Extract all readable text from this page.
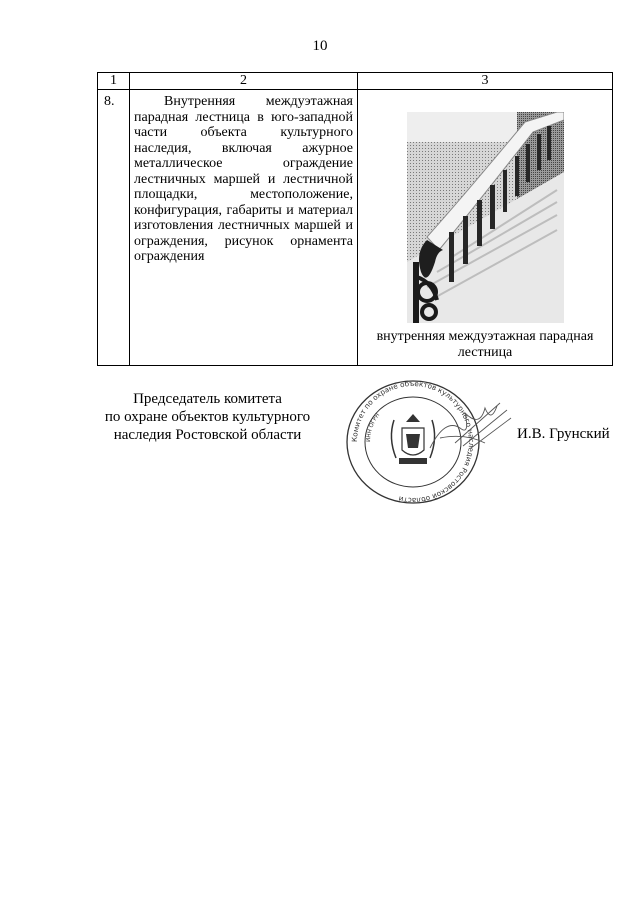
10
1	2	3

8.	Внутренняя междуэтажная парадная лестница в юго-западной части объекта культурного наследия, включая ажурное металлическое ограждение лестничных маршей и лестничной площадки, местоположение, конфигурация, габариты и материал изготовления лестничных маршей и ограждения, рисунок орнамента ограждения	внутренняя междуэтажная парадная лестница
Председатель комитета
по охране объектов культурного
наследия Ростовской области	Комитет по охране объектов культурного наследия Ростовской области
ИНН ОГРН
И.В. Грунский
